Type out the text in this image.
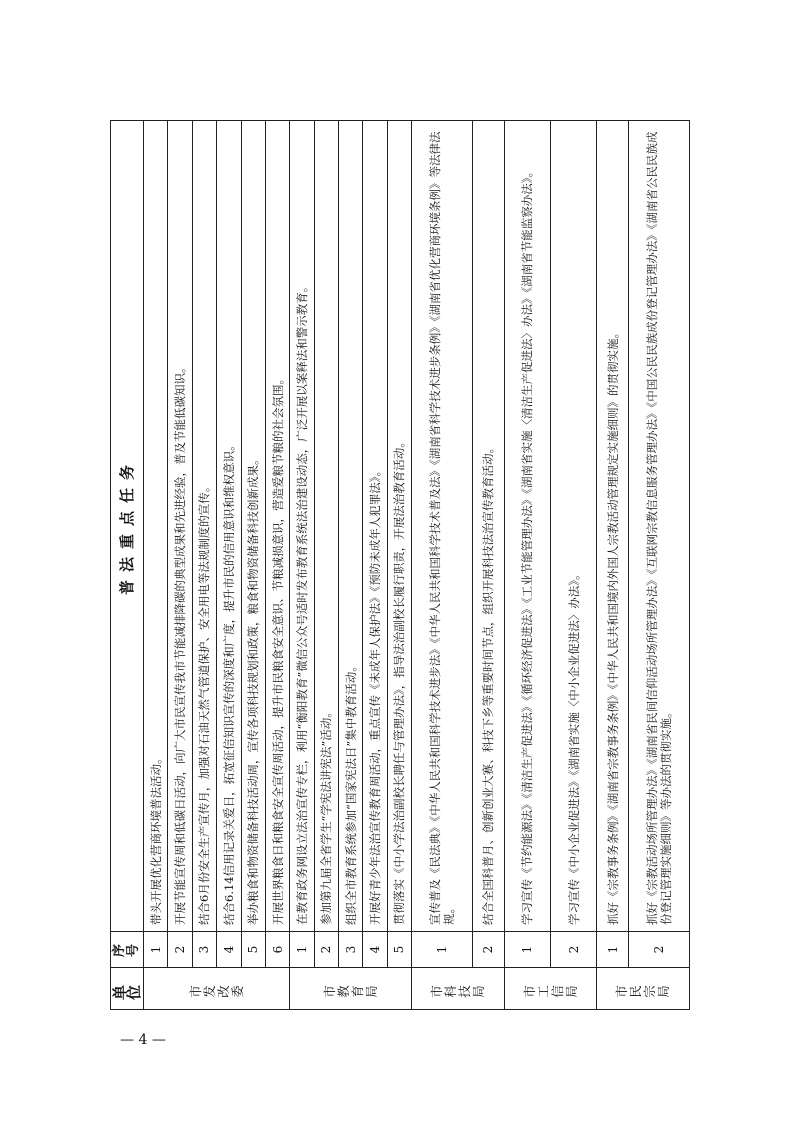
单位	序号	普法重点任务
市发改委	1	带头开展优化营商环境普法活动。
	2	开展节能宣传周和低碳日活动，向广大市民宣传我市节能减排降碳的典型成果和先进经验，普及节能低碳知识。
	3	结合6月份安全生产宣传月，加强对石油天然气管道保护、安全用电等法规制度的宣传。
	4	结合6.14信用记录关爱日，拓宽征信知识宣传的深度和广度，提升市民的信用意识和维权意识。
	5	举办粮食和物资储备科技活动周，宣传各项科技规划和政策，粮食和物资储备科技创新成果。
	6	开展世界粮食日和粮食安全宣传周活动，提升市民粮食安全意识、节粮减损意识，营造爱粮节粮的社会氛围。
市教育局	1	在教育政务网设立法治宣传专栏，利用“衡阳教育”微信公众号适时发布教育系统法治建设动态，广泛开展以案释法和警示教育。
	2	参加第九届全省学生“学宪法讲宪法”活动。
	3	组织全市教育系统参加“国家宪法日”集中教育活动。
	4	开展好青少年法治宣传教育周活动，重点宣传《未成年人保护法》《预防未成年人犯罪法》。
	5	贯彻落实《中小学法治副校长聘任与管理办法》，指导法治副校长履行职责，开展法治教育活动。
市科技局	1	宣传普及《民法典》《中华人民共和国科学技术进步法》《中华人民共和国科学技术普及法》《湖南省科学技术进步条例》《湖南省优化营商环境条例》等法律法规。
	2	结合全国科普月、创新创业大赛、科技下乡等重要时间节点，组织开展科技法治宣传教育活动。
市工信局	1	学习宣传《节约能源法》《清洁生产促进法》《循环经济促进法》《工业节能管理办法》《湖南省实施〈清洁生产促进法〉办法》《湖南省节能监察办法》。
	2	学习宣传《中小企业促进法》《湖南省实施〈中小企业促进法〉办法》。
市民宗局	1	抓好《宗教事务条例》《湖南省宗教事务条例》《中华人民共和国境内外国人宗教活动管理规定实施细则》的贯彻实施。
	2	抓好《宗教活动场所管理办法》《湖南省民间信仰活动场所管理办法》《互联网宗教信息服务管理办法》《中国公民民族成份登记管理办法》《湖南省公民民族成份登记管理实施细则》等办法的贯彻实施。
— 4 —
